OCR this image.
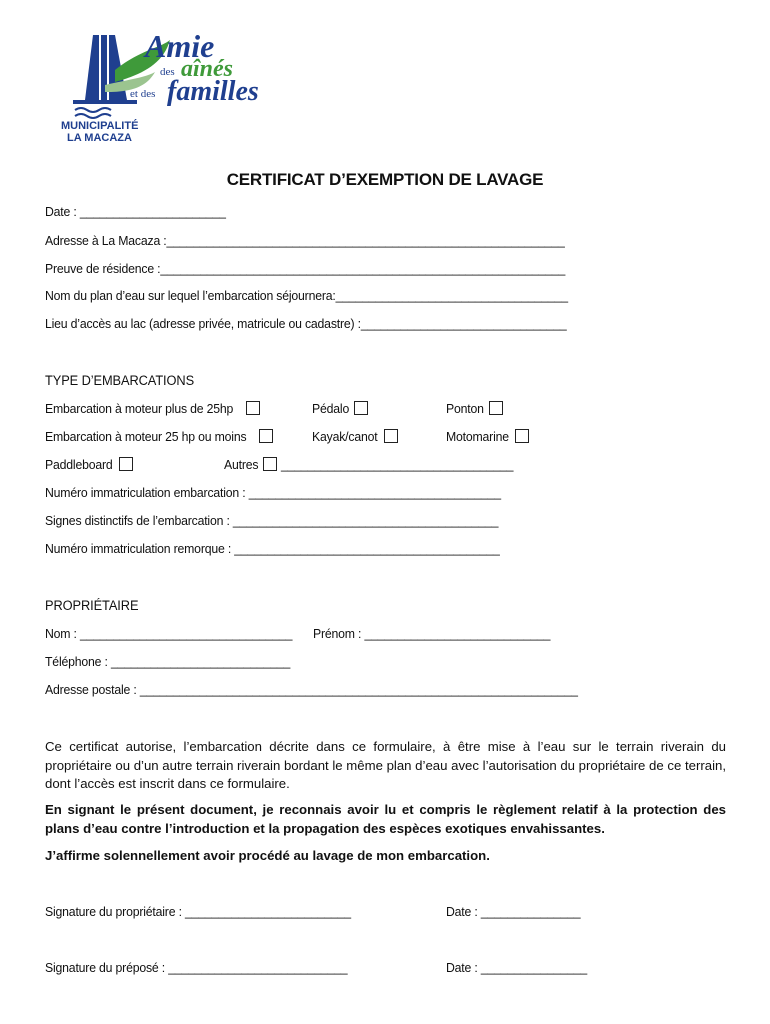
Amie
des aînés
et des familles
MUNICIPALITÉ
LA MACAZA
CERTIFICAT D’EXEMPTION DE LAVAGE
Date : ______________________
Adresse à La Macaza :____________________________________________________________
Preuve de résidence :_____________________________________________________________
Nom du plan d’eau sur lequel l’embarcation séjournera:___________________________________
Lieu d’accès au lac (adresse privée, matricule ou cadastre) :_______________________________
TYPE D’EMBARCATIONS
Embarcation à moteur plus de 25hp	Pédalo	Ponton
Embarcation à moteur 25 hp ou moins	Kayak/canot	Motomarine
Paddleboard	Autres ___________________________________
Numéro immatriculation embarcation : ______________________________________
Signes distinctifs de l’embarcation : ________________________________________
Numéro immatriculation remorque : ________________________________________
PROPRIÉTAIRE
Nom : ________________________________ Prénom : ____________________________
Téléphone : ___________________________
Adresse postale : __________________________________________________________________
Ce certificat autorise, l’embarcation décrite dans ce formulaire, à être mise à l’eau sur le terrain riverain du propriétaire ou d’un autre terrain riverain bordant le même plan d’eau avec l’autorisation du propriétaire de ce terrain, dont l’accès est inscrit dans ce formulaire.
En signant le présent document, je reconnais avoir lu et compris le règlement relatif à la protection des plans d’eau contre l’introduction et la propagation des espèces exotiques envahissantes.
J’affirme solennellement avoir procédé au lavage de mon embarcation.
Signature du propriétaire : _________________________	Date : _______________
Signature du préposé : ___________________________	Date : ________________
